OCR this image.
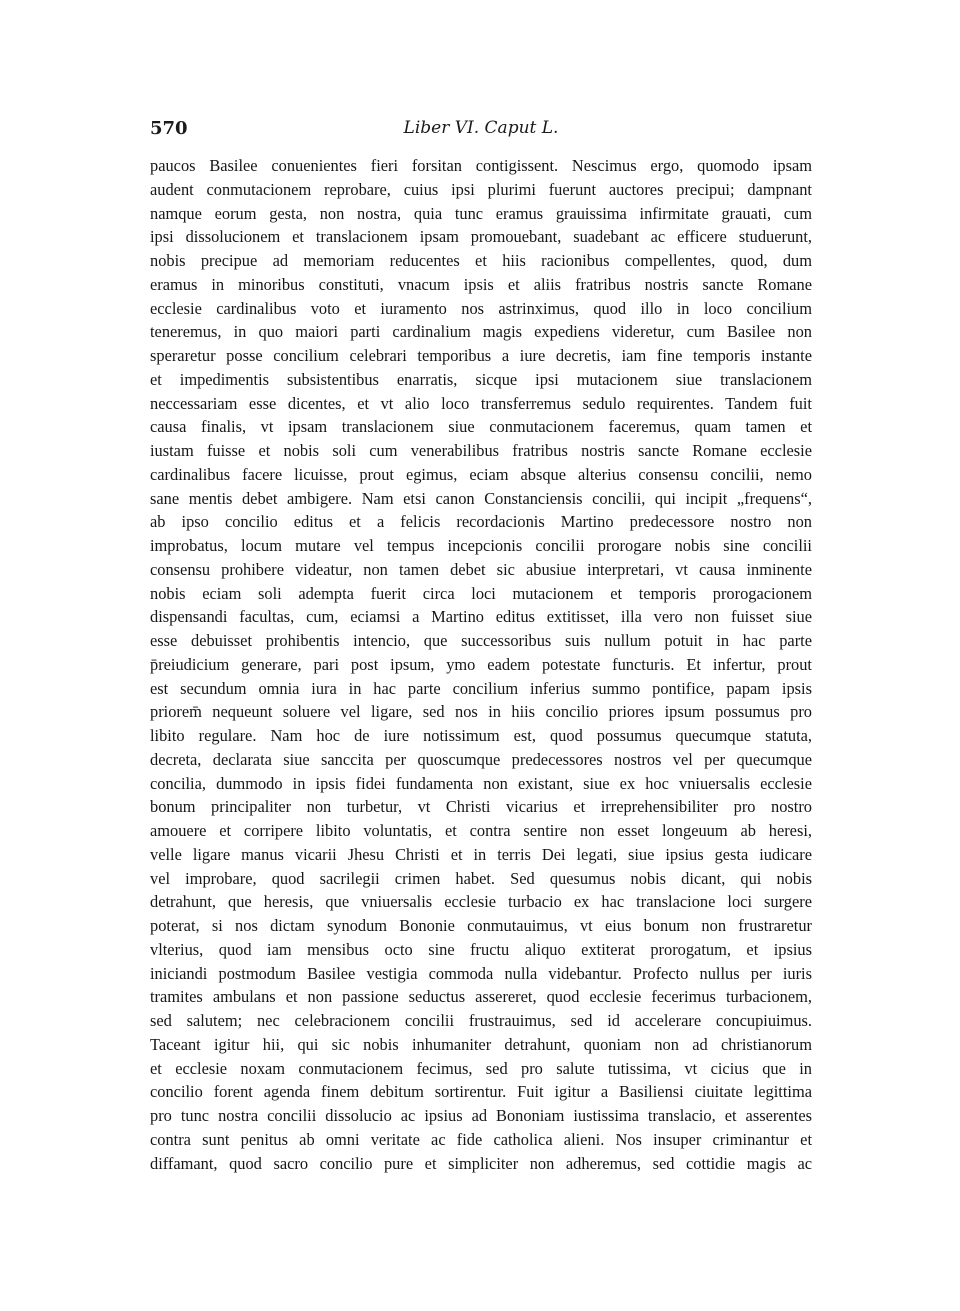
570	Liber VI. Caput L.
paucos Basilee conuenientes fieri forsitan contigissent. Nescimus ergo, quomodo ipsam
audent conmutacionem reprobare, cuius ipsi plurimi fuerunt auctores precipui; dampnant
namque eorum gesta, non nostra, quia tunc eramus grauissima infirmitate grauati, cum
ipsi dissolucionem et translacionem ipsam promouebant, suadebant ac efficere studuerunt,
nobis precipue ad memoriam reducentes et hiis racionibus compellentes, quod, dum
eramus in minoribus constituti, vnacum ipsis et aliis fratribus nostris sancte Romane
ecclesie cardinalibus voto et iuramento nos astrinximus, quod illo in loco concilium
teneremus, in quo maiori parti cardinalium magis expediens videretur, cum Basilee non
speraretur posse concilium celebrari temporibus a iure decretis, iam fine temporis instante
et impedimentis subsistentibus enarratis, sicque ipsi mutacionem siue translacionem
neccessariam esse dicentes, et vt alio loco transferremus sedulo requirentes. Tandem fuit
causa finalis, vt ipsam translacionem siue conmutacionem faceremus, quam tamen et
iustam fuisse et nobis soli cum venerabilibus fratribus nostris sancte Romane ecclesie
cardinalibus facere licuisse, prout egimus, eciam absque alterius consensu concilii, nemo
sane mentis debet ambigere. Nam etsi canon Constanciensis concilii, qui incipit „frequens“,
ab ipso concilio editus et a felicis recordacionis Martino predecessore nostro non
improbatus, locum mutare vel tempus incepcionis concilii prorogare nobis sine concilii
consensu prohibere videatur, non tamen debet sic abusiue interpretari, vt causa inminente
nobis eciam soli adempta fuerit circa loci mutacionem et temporis prorogacionem
dispensandi facultas, cum, eciamsi a Martino editus extitisset, illa vero non fuisset siue
esse debuisset prohibentis intencio, que successoribus suis nullum potuit in hac parte
p̄reiudicium generare, pari post ipsum, ymo eadem potestate functuris. Et infertur, prout
est secundum omnia iura in hac parte concilium inferius summo pontifice, papam ipsis
priorem̄ nequeunt soluere vel ligare, sed nos in hiis concilio priores ipsum possumus pro
libito regulare. Nam hoc de iure notissimum est, quod possumus quecumque statuta,
decreta, declarata siue sanccita per quoscumque predecessores nostros vel per quecumque
concilia, dummodo in ipsis fidei fundamenta non existant, siue ex hoc vniuersalis ecclesie
bonum principaliter non turbetur, vt Christi vicarius et irreprehensibiliter pro nostro
amouere et corripere libito voluntatis, et contra sentire non esset longeuum ab heresi,
velle ligare manus vicarii Jhesu Christi et in terris Dei legati, siue ipsius gesta iudicare
vel improbare, quod sacrilegii crimen habet. Sed quesumus nobis dicant, qui nobis
detrahunt, que heresis, que vniuersalis ecclesie turbacio ex hac translacione loci surgere
poterat, si nos dictam synodum Bononie conmutauimus, vt eius bonum non frustraretur
vlterius, quod iam mensibus octo sine fructu aliquo extiterat prorogatum, et ipsius
iniciandi postmodum Basilee vestigia commoda nulla videbantur. Profecto nullus per iuris
tramites ambulans et non passione seductus assereret, quod ecclesie fecerimus turbacionem,
sed salutem; nec celebracionem concilii frustrauimus, sed id accelerare concupiuimus.
Taceant igitur hii, qui sic nobis inhumaniter detrahunt, quoniam non ad christianorum
et ecclesie noxam conmutacionem fecimus, sed pro salute tutissima, vt cicius que in
concilio forent agenda finem debitum sortirentur. Fuit igitur a Basiliensi ciuitate legittima
pro tunc nostra concilii dissolucio ac ipsius ad Bononiam iustissima translacio, et asserentes
contra sunt penitus ab omni veritate ac fide catholica alieni. Nos insuper criminantur et
diffamant, quod sacro concilio pure et simpliciter non adheremus, sed cottidie magis ac
